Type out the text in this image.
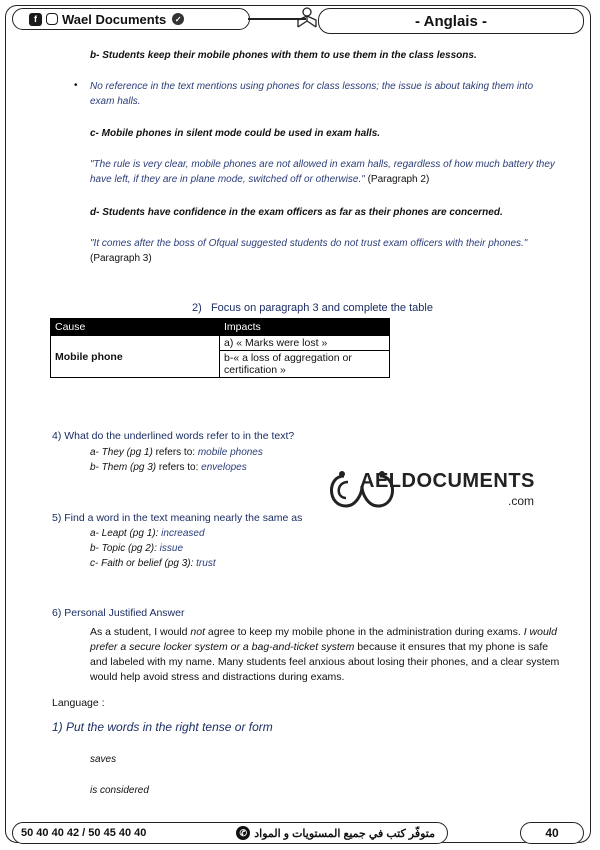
f	Wael Documents	✓	- Anglais -
b- Students keep their mobile phones with them to use them in the class lessons.
• No reference in the text mentions using phones for class lessons; the issue is about taking them into exam halls.
c- Mobile phones in silent mode could be used in exam halls.
"The rule is very clear, mobile phones are not allowed in exam halls, regardless of how much battery they have left, if they are in plane mode, switched off or otherwise." (Paragraph 2)
d- Students have confidence in the exam officers as far as their phones are concerned.
"It comes after the boss of Ofqual suggested students do not trust exam officers with their phones." (Paragraph 3)
2)   Focus on paragraph 3 and complete the table
Cause	Impacts
Mobile phone	a) « Marks were lost »
	b-« a loss of aggregation or certification »
4) What do the underlined words refer to in the text?
a- They (pg 1) refers to: mobile phones
b- Them (pg 3) refers to: envelopes
AELDOCUMENTS
.com
5) Find a word in the text meaning nearly the same as
a- Leapt (pg 1): increased
b- Topic (pg 2): issue
c- Faith or belief (pg 3): trust
6) Personal Justified Answer
As a student, I would not agree to keep my mobile phone in the administration during exams. I would prefer a secure locker system or a bag-and-ticket system because it ensures that my phone is safe and labeled with my name. Many students feel anxious about losing their phones, and a clear system would help avoid stress and distractions during exams.
Language :
1) Put the words in the right tense or form
saves
is considered
50 40 40 42 / 50 45 40 40	✆ متوفّر كتب في جميع المستويات و المواد	40
